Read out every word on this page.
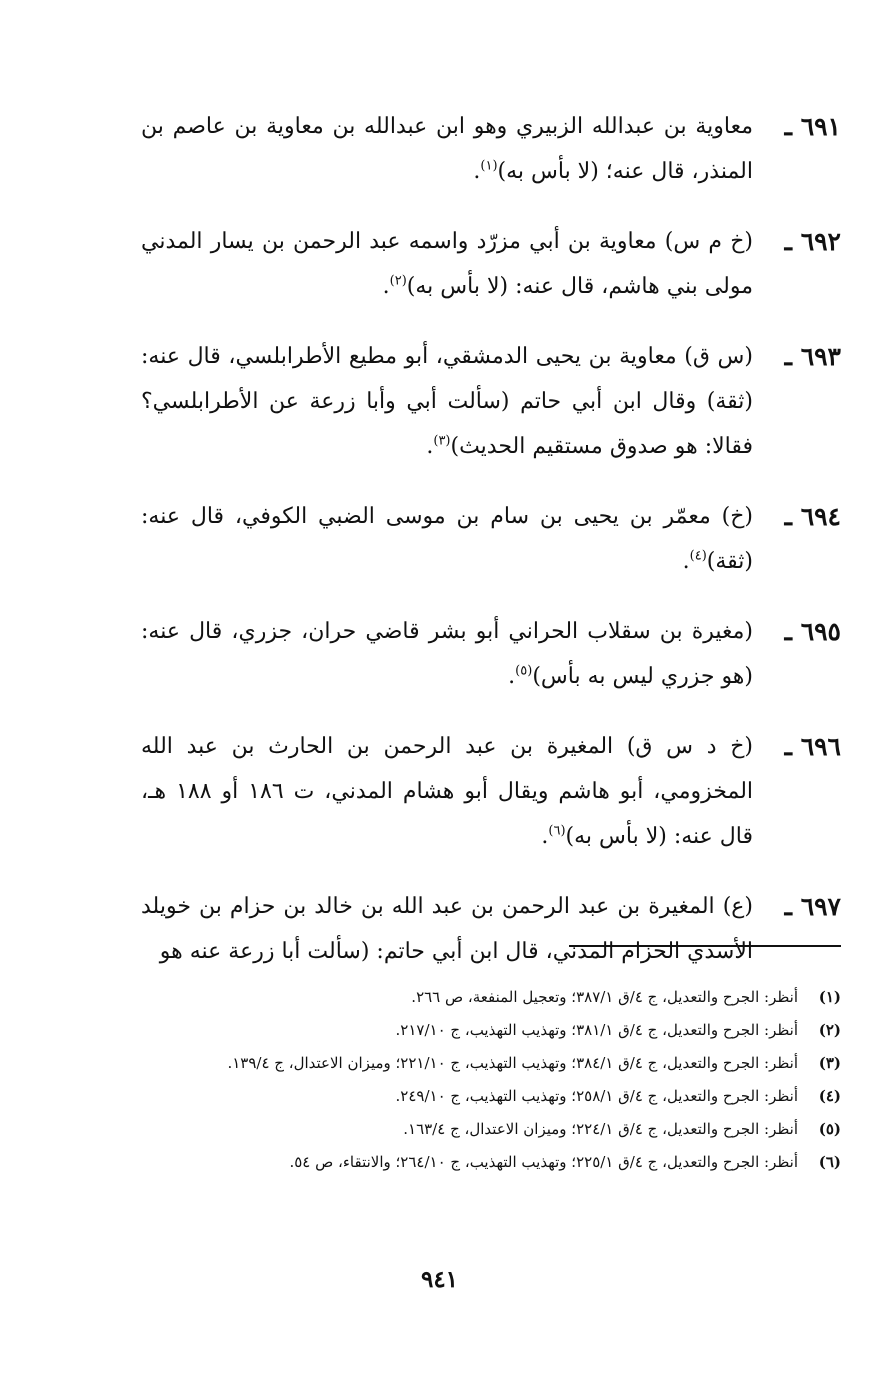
٦٩١ ـ
معاوية بن عبدالله الزبيري وهو ابن عبدالله بن معاوية بن عاصم بن المنذر، قال عنه؛ (لا بأس به)$^{(١)}$.
٦٩٢ ـ
(خ م س) معاوية بن أبي مزرّد واسمه عبد الرحمن بن يسار المدني مولى بني هاشم، قال عنه: (لا بأس به)$^{(٢)}$.
٦٩٣ ـ
(س ق) معاوية بن يحيى الدمشقي، أبو مطيع الأطرابلسي، قال عنه: (ثقة) وقال ابن أبي حاتم (سألت أبي وأبا زرعة عن الأطرابلسي؟ فقالا: هو صدوق مستقيم الحديث)$^{(٣)}$.
٦٩٤ ـ
(خ) معمّر بن يحيى بن سام بن موسى الضبي الكوفي، قال عنه: (ثقة)$^{(٤)}$.
٦٩٥ ـ
(مغيرة بن سقلاب الحراني أبو بشر قاضي حران، جزري، قال عنه: (هو جزري ليس به بأس)$^{(٥)}$.
٦٩٦ ـ
(خ د س ق) المغيرة بن عبد الرحمن بن الحارث بن عبد الله المخزومي، أبو هاشم ويقال أبو هشام المدني، ت ١٨٦ أو ١٨٨ هـ، قال عنه: (لا بأس به)$^{(٦)}$.
٦٩٧ ـ
(ع) المغيرة بن عبد الرحمن بن عبد الله بن خالد بن حزام بن خويلد الأسدي الحزام المدني، قال ابن أبي حاتم: (سألت أبا زرعة عنه هو
(١)
أنظر: الجرح والتعديل، ج ٤/ق ٣٨٧/١؛ وتعجيل المنفعة، ص ٢٦٦.
(٢)
أنظر: الجرح والتعديل، ج ٤/ق ٣٨١/١؛ وتهذيب التهذيب، ج ٢١٧/١٠.
(٣)
أنظر: الجرح والتعديل، ج ٤/ق ٣٨٤/١؛ وتهذيب التهذيب، ج ٢٢١/١٠؛ وميزان الاعتدال، ج ١٣٩/٤.
(٤)
أنظر: الجرح والتعديل، ج ٤/ق ٢٥٨/١؛ وتهذيب التهذيب، ج ٢٤٩/١٠.
(٥)
أنظر: الجرح والتعديل، ج ٤/ق ٢٢٤/١؛ وميزان الاعتدال، ج ١٦٣/٤.
(٦)
أنظر: الجرح والتعديل، ج ٤/ق ٢٢٥/١؛ وتهذيب التهذيب، ج ٢٦٤/١٠؛ والانتقاء، ص ٥٤.
٩٤١
